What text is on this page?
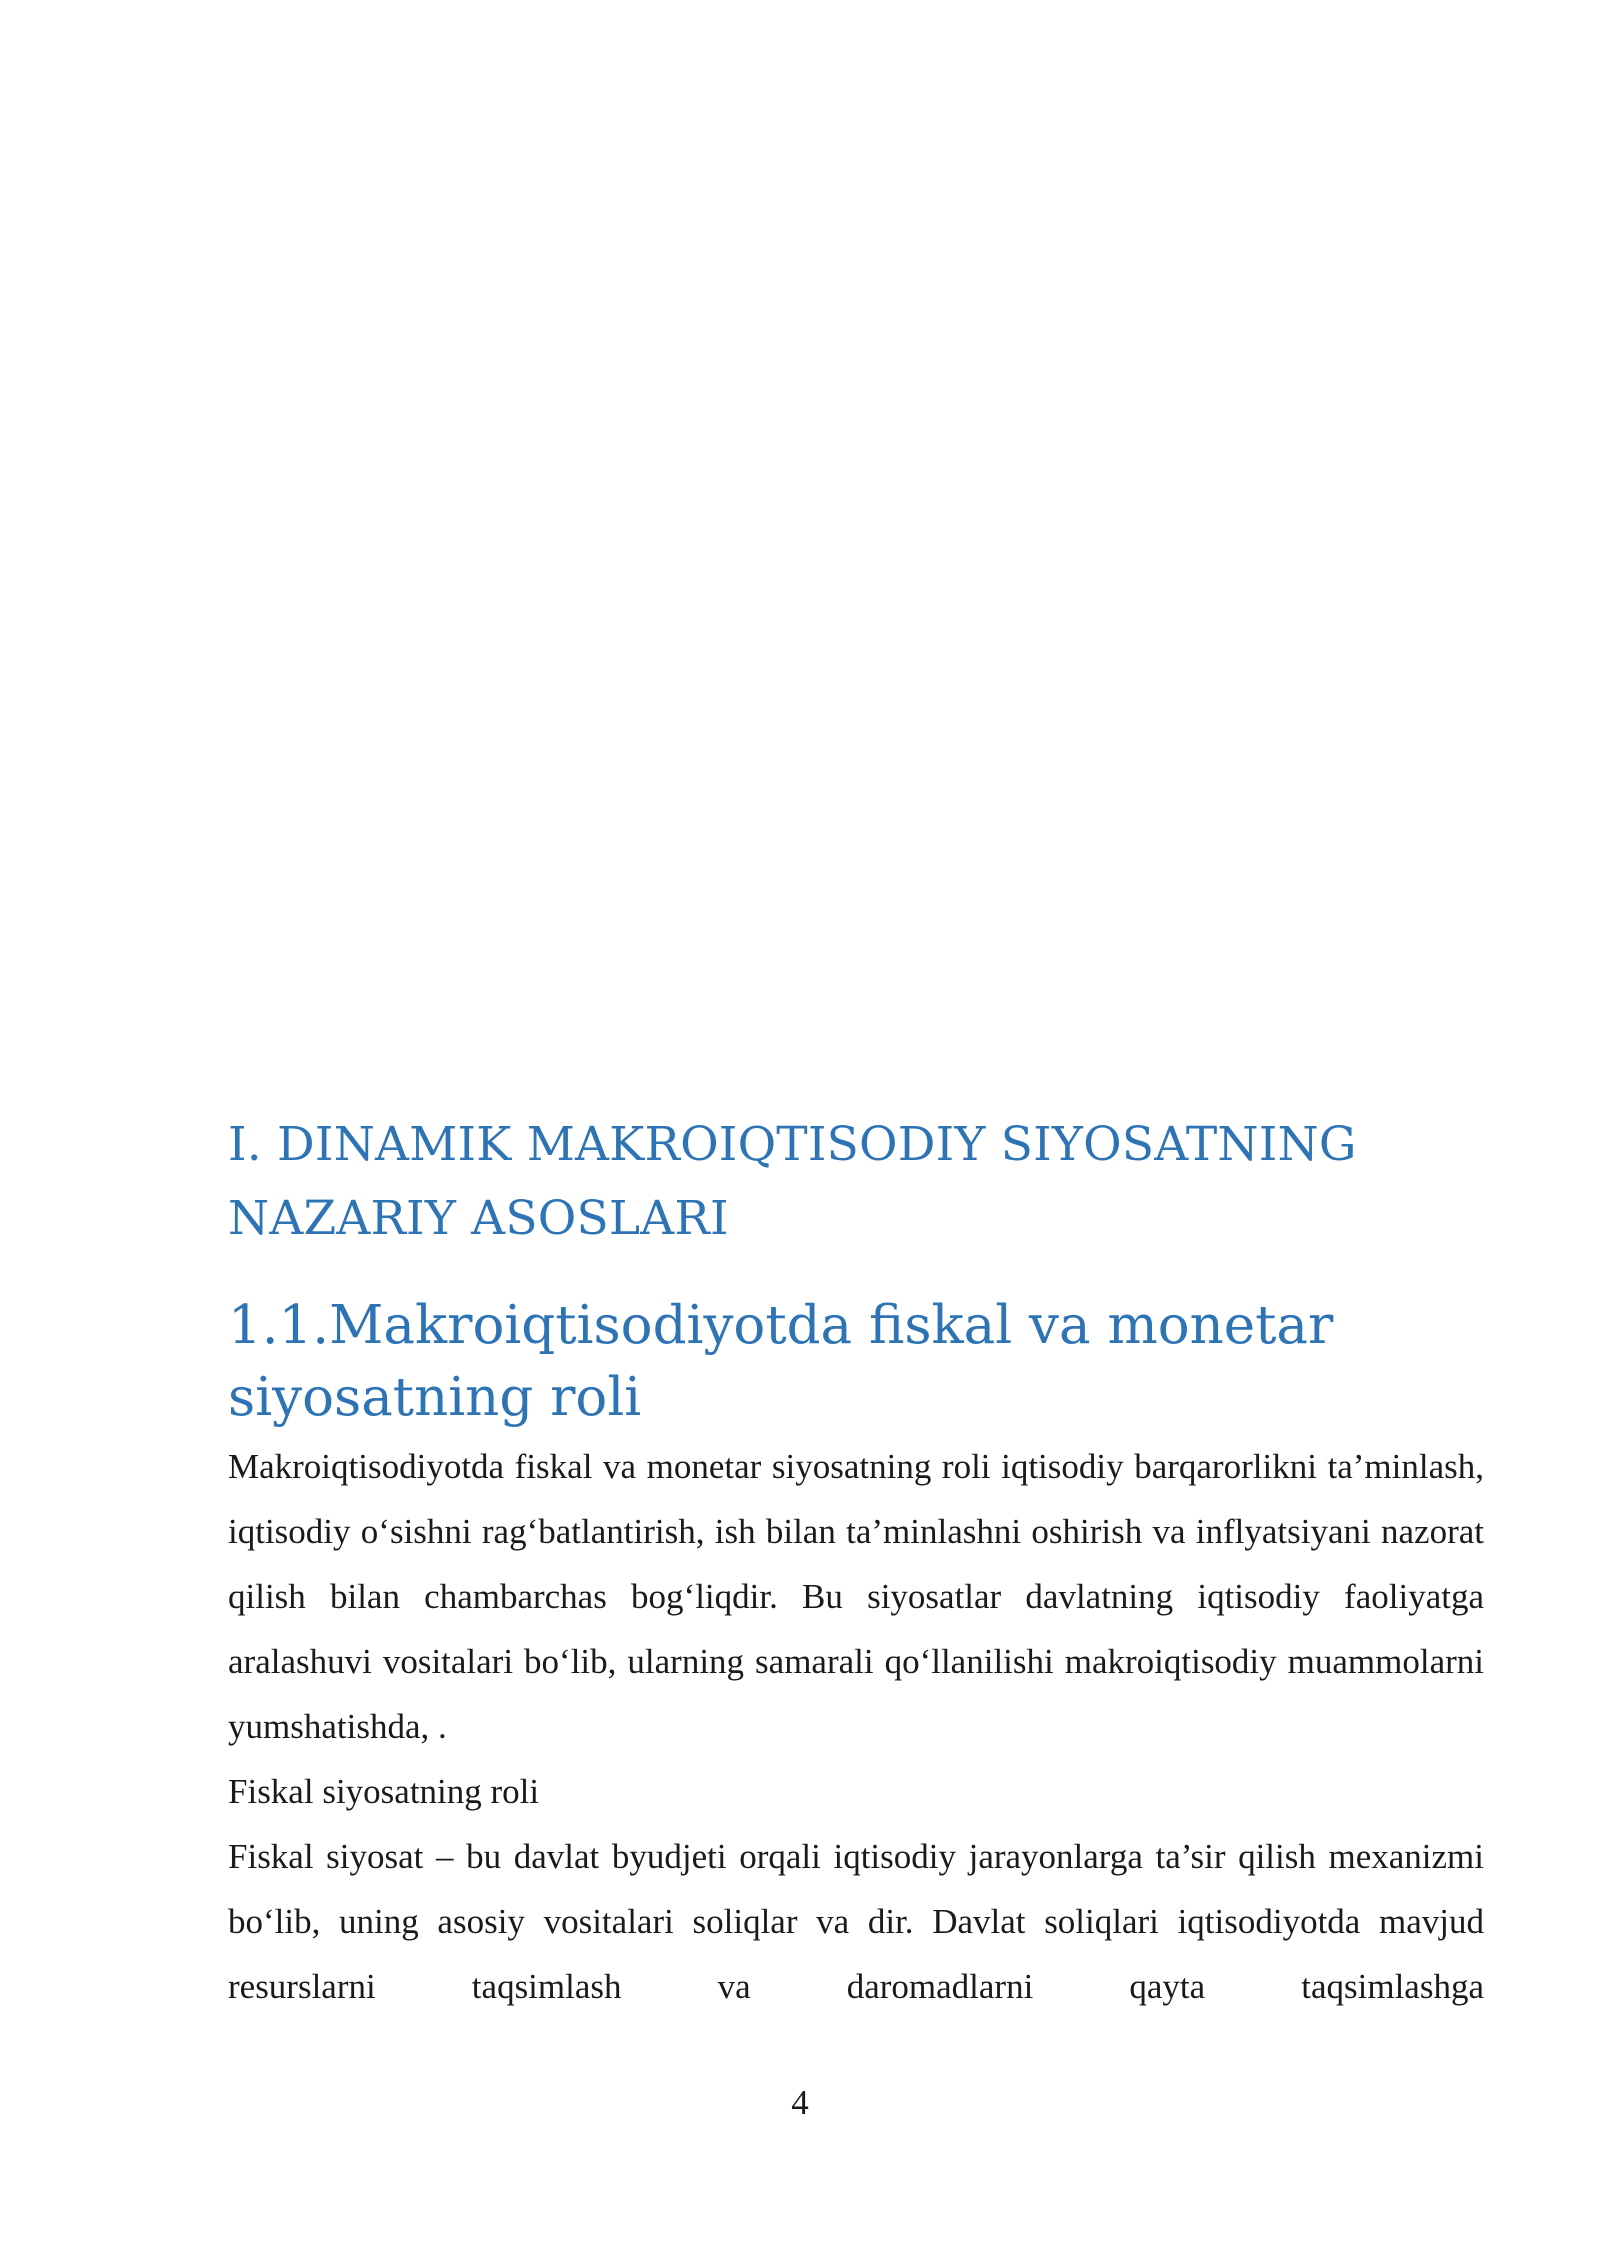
I. DINAMIK MAKROIQTISODIY SIYOSATNING NAZARIY ASOSLARI
1.1.Makroiqtisodiyotda fiskal va monetar siyosatning roli

Makroiqtisodiyotda fiskal va monetar siyosatning roli iqtisodiy barqarorlikni ta’minlash, iqtisodiy o‘sishni rag‘batlantirish, ish bilan ta’minlashni oshirish va inflyatsiyani nazorat qilish bilan chambarchas bog‘liqdir. Bu siyosatlar davlatning iqtisodiy faoliyatga aralashuvi vositalari bo‘lib, ularning samarali qo‘llanilishi makroiqtisodiy muammolarni yumshatishda, .

Fiskal siyosatning roli

Fiskal siyosat – bu davlat byudjeti orqali iqtisodiy jarayonlarga ta’sir qilish mexanizmi bo‘lib, uning asosiy vositalari soliqlar va dir. Davlat soliqlari iqtisodiyotda mavjud resurslarni taqsimlash va daromadlarni qayta taqsimlashga

4
